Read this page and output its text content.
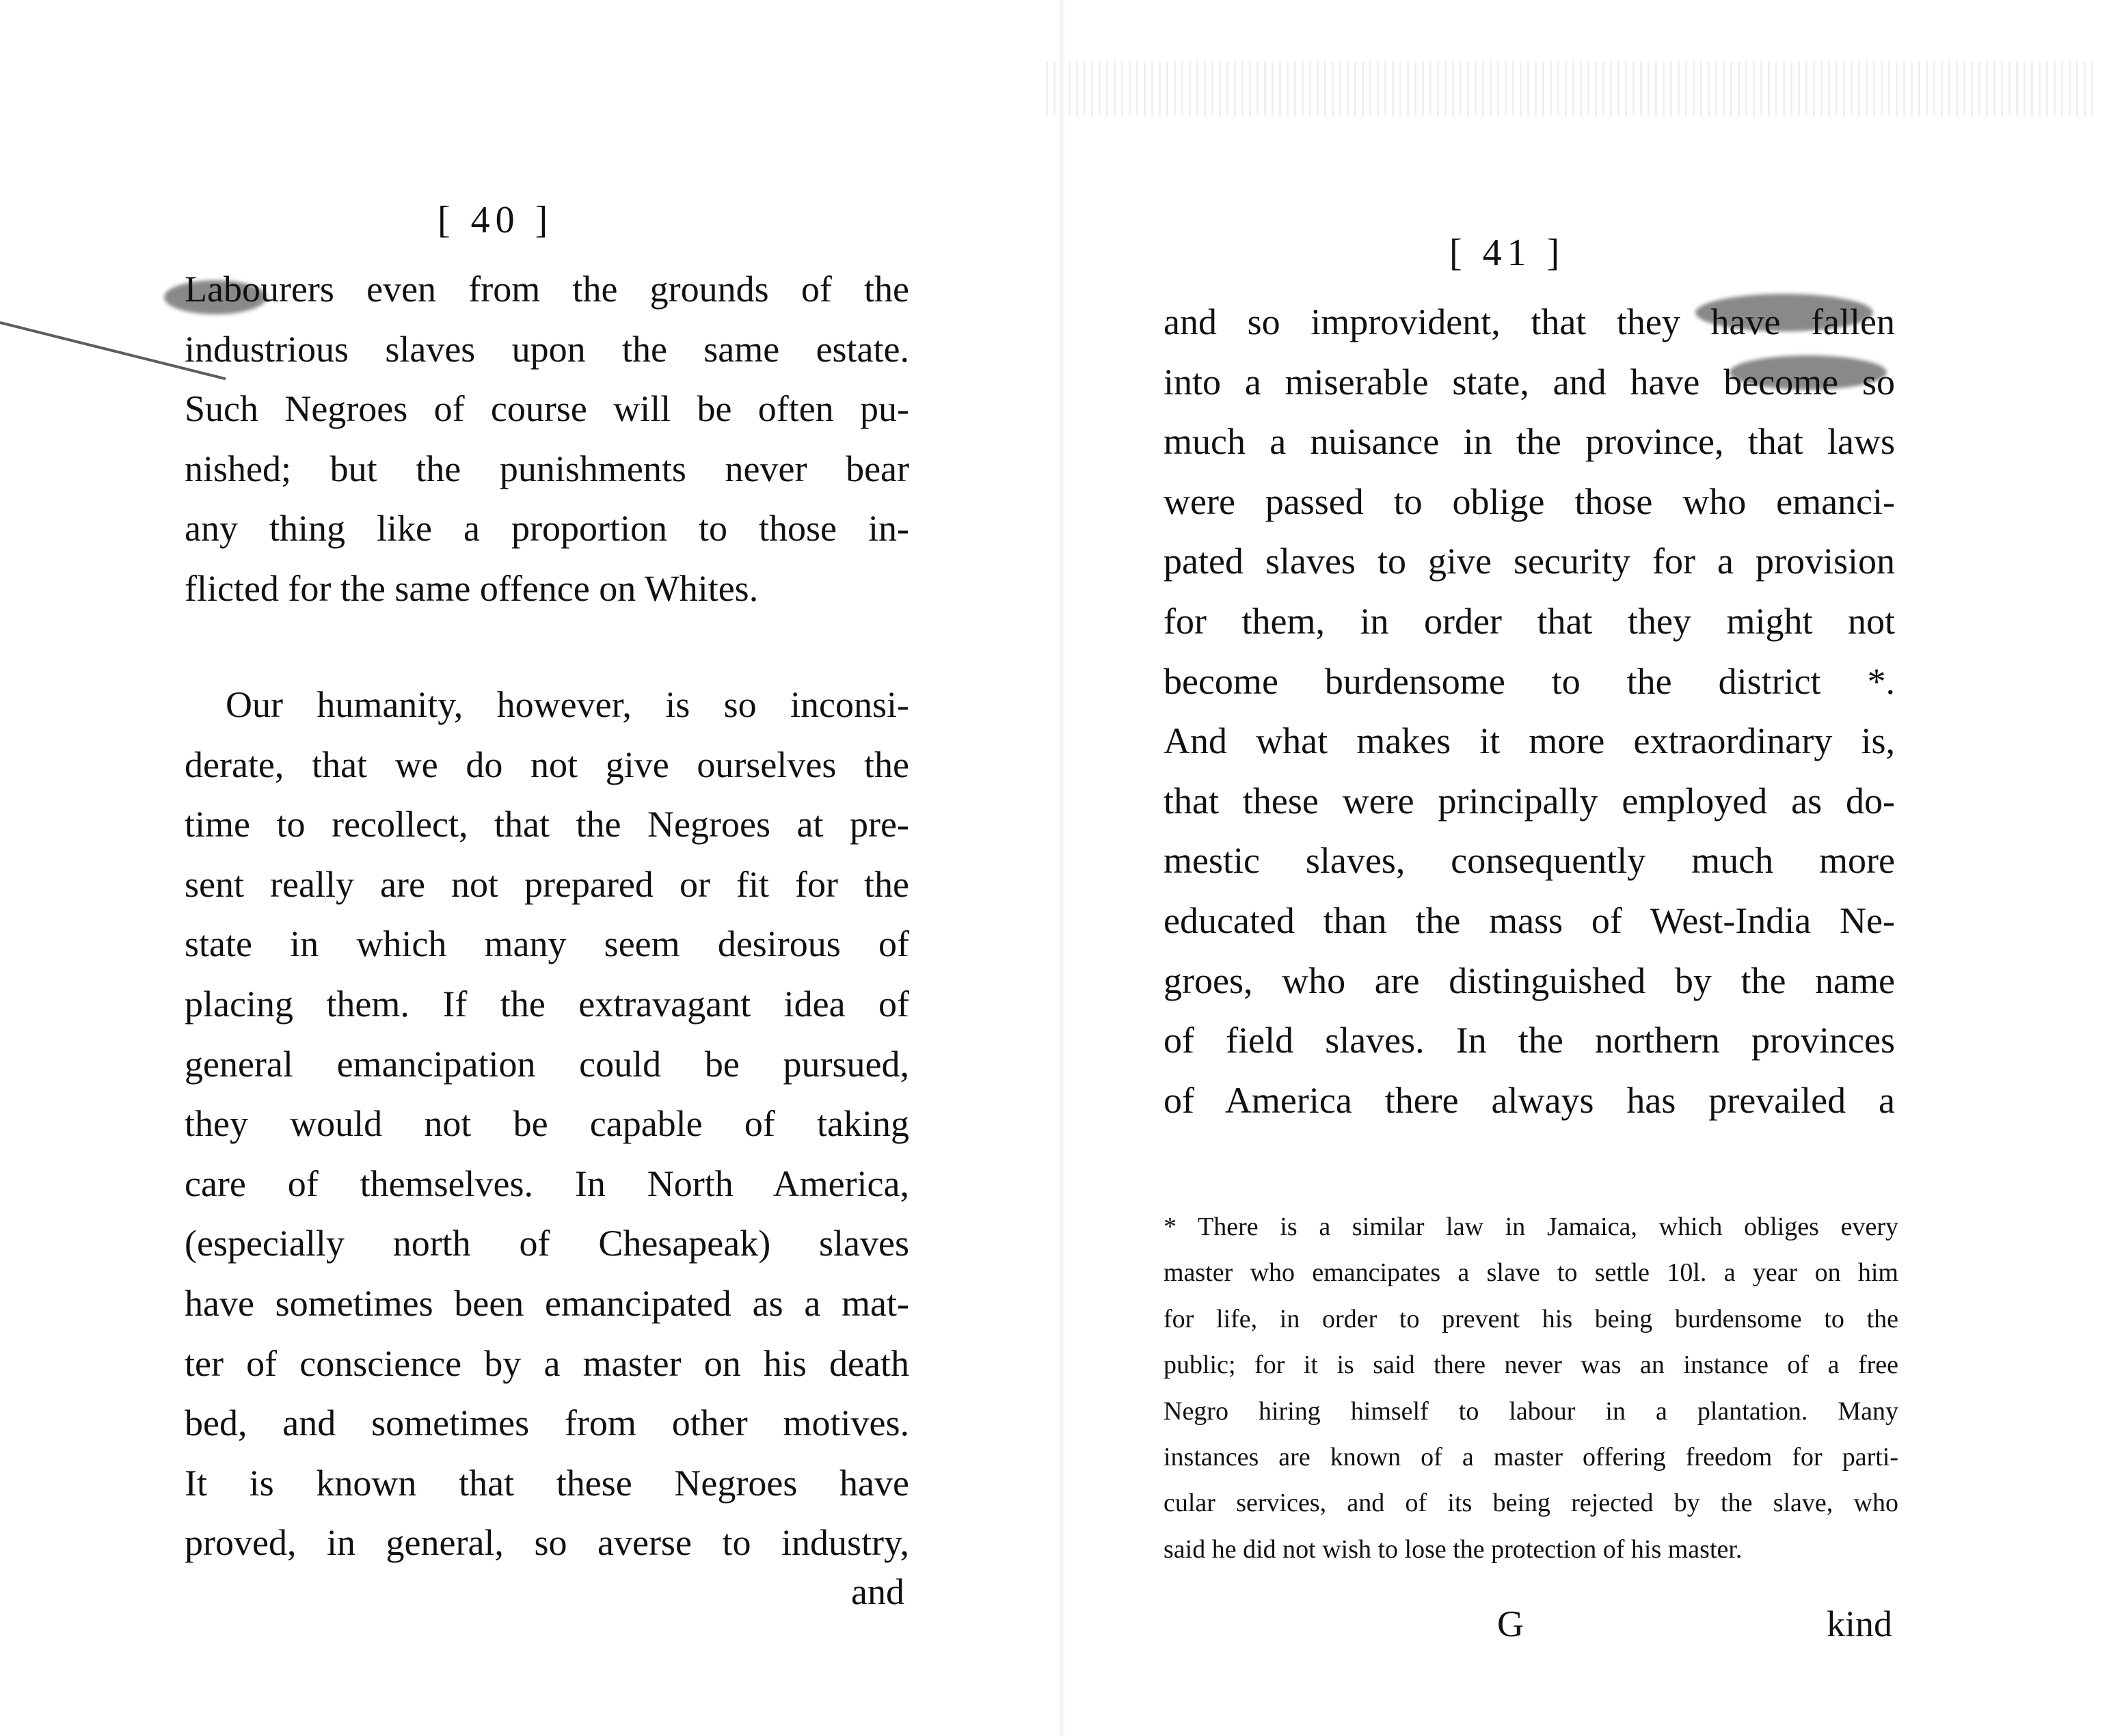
[ 40 ]
Labourers even from the grounds of the
industrious slaves upon the same estate.
Such Negroes of course will be often pu-
nished; but the punishments never bear
any thing like a proportion to those in-
flicted for the same offence on Whites.
Our humanity, however, is so inconsi-
derate, that we do not give ourselves the
time to recollect, that the Negroes at pre-
sent really are not prepared or fit for the
state in which many seem desirous of
placing them. If the extravagant idea of
general emancipation could be pursued,
they would not be capable of taking
care of themselves. In North America,
(especially north of Chesapeak) slaves
have sometimes been emancipated as a mat-
ter of conscience by a master on his death
bed, and sometimes from other motives.
It is known that these Negroes have
proved, in general, so averse to industry,
and
[ 41 ]
and so improvident, that they have fallen
into a miserable state, and have become so
much a nuisance in the province, that laws
were passed to oblige those who emanci-
pated slaves to give security for a provision
for them, in order that they might not
become burdensome to the district *.
And what makes it more extraordinary is,
that these were principally employed as do-
mestic slaves, consequently much more
educated than the mass of West-India Ne-
groes, who are distinguished by the name
of field slaves. In the northern provinces
of America there always has prevailed a
* There is a similar law in Jamaica, which obliges every
master who emancipates a slave to settle 10l. a year on him
for life, in order to prevent his being burdensome to the
public; for it is said there never was an instance of a free
Negro hiring himself to labour in a plantation. Many
instances are known of a master offering freedom for parti-
cular services, and of its being rejected by the slave, who
said he did not wish to lose the protection of his master.
G	kind
